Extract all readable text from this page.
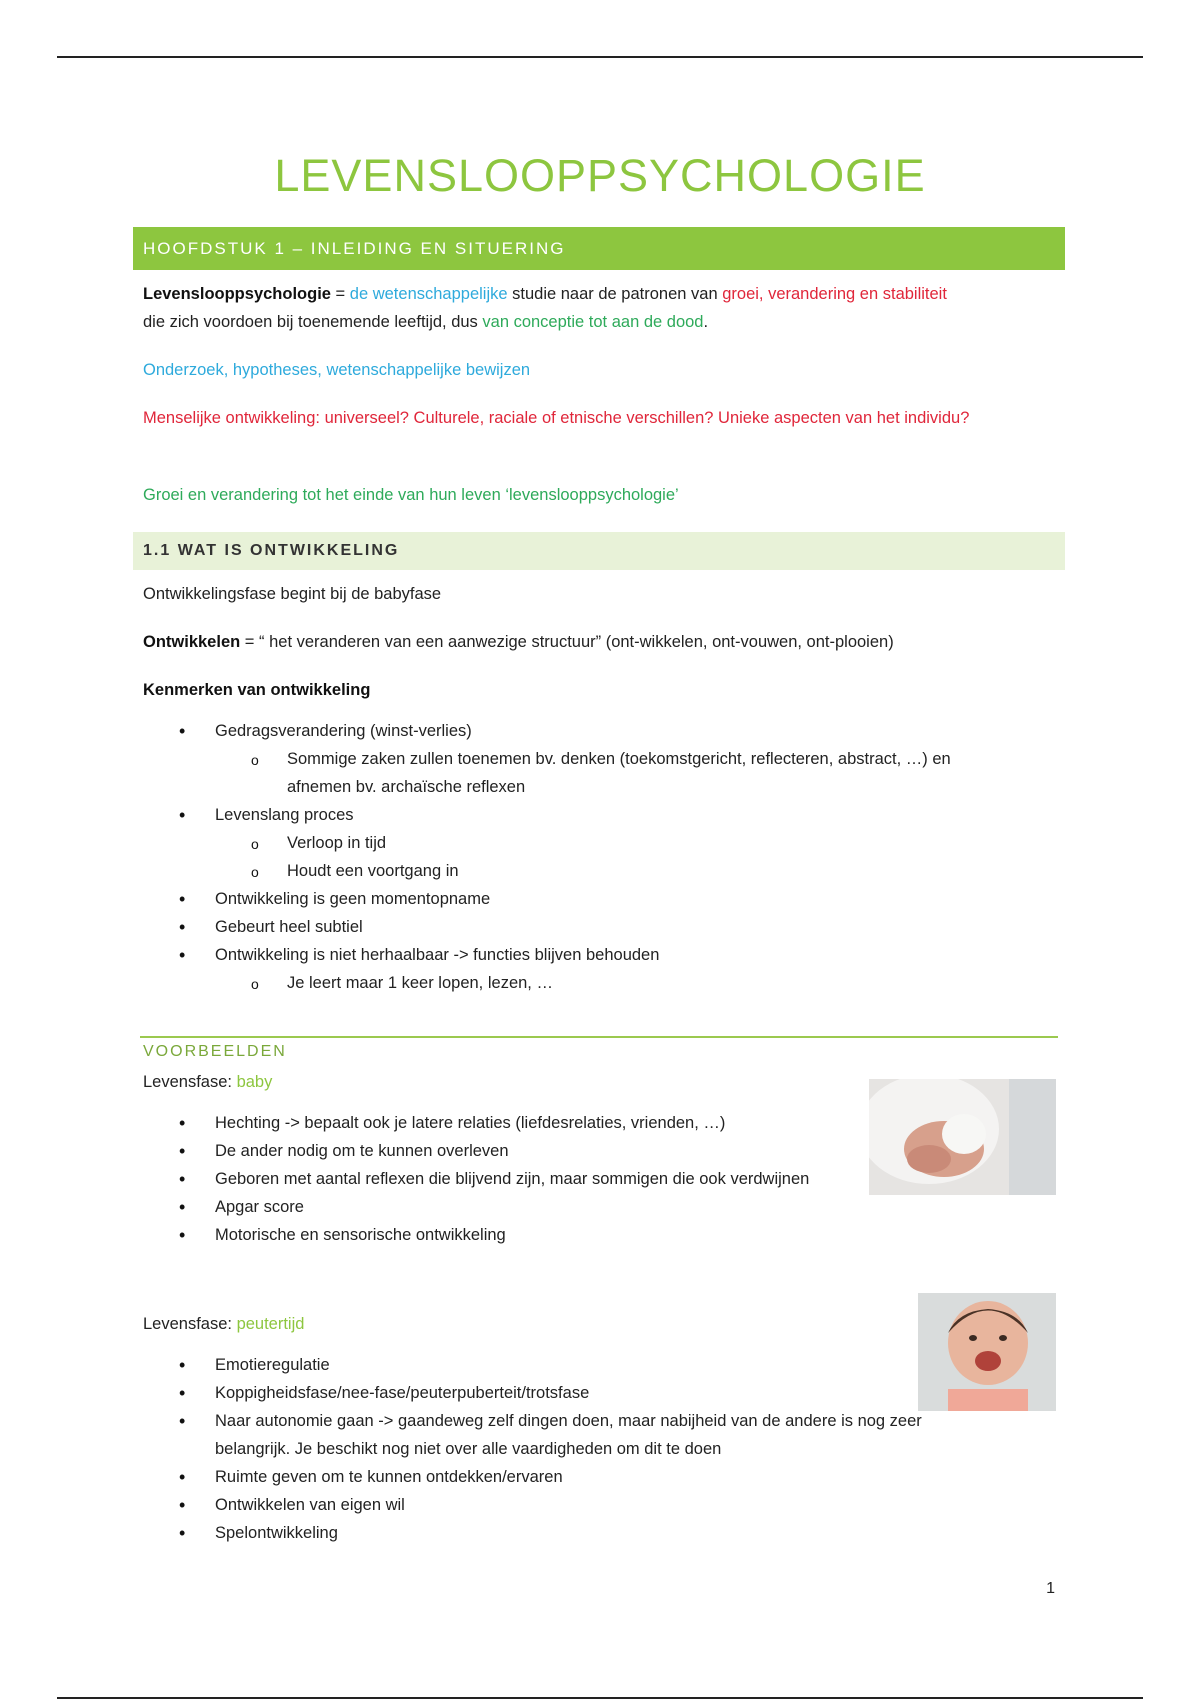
LEVENSLOOPPSYCHOLOGIE
HOOFDSTUK 1 – INLEIDING EN SITUERING

Levenslooppsychologie = de wetenschappelijke studie naar de patronen van groei, verandering en stabiliteit
die zich voordoen bij toenemende leeftijd, dus van conceptie tot aan de dood.

Onderzoek, hypotheses, wetenschappelijke bewijzen

Menselijke ontwikkeling: universeel? Culturele, raciale of etnische verschillen? Unieke aspecten van het individu?

Groei en verandering tot het einde van hun leven ‘levenslooppsychologie’

1.1 WAT IS ONTWIKKELING

Ontwikkelingsfase begint bij de babyfase

Ontwikkelen = “ het veranderen van een aanwezige structuur” (ont-wikkelen, ont-vouwen, ont-plooien)

Kenmerken van ontwikkeling

• Gedragsverandering (winst-verlies)
o Sommige zaken zullen toenemen bv. denken (toekomstgericht, reflecteren, abstract, …) en afnemen bv. archaïsche reflexen
• Levenslang proces
o Verloop in tijd
o Houdt een voortgang in
• Ontwikkeling is geen momentopname
• Gebeurt heel subtiel
• Ontwikkeling is niet herhaalbaar -> functies blijven behouden
o Je leert maar 1 keer lopen, lezen, …
VOORBEELDEN

Levensfase: baby

• Hechting -> bepaalt ook je latere relaties (liefdesrelaties, vrienden, …)
• De ander nodig om te kunnen overleven
• Geboren met aantal reflexen die blijvend zijn, maar sommigen die ook verdwijnen
• Apgar score
• Motorische en sensorische ontwikkeling

Levensfase: peutertijd

• Emotieregulatie
• Koppigheidsfase/nee-fase/peuterpuberteit/trotsfase
• Naar autonomie gaan -> gaandeweg zelf dingen doen, maar nabijheid van de andere is nog zeer belangrijk. Je beschikt nog niet over alle vaardigheden om dit te doen
• Ruimte geven om te kunnen ontdekken/ervaren
• Ontwikkelen van eigen wil
• Spelontwikkeling
1
